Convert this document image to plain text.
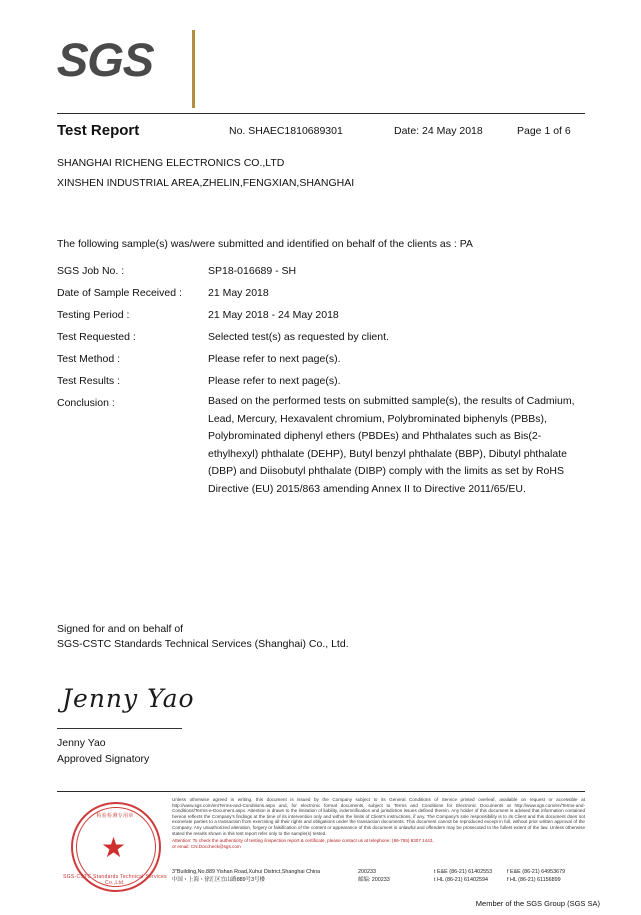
SGS
Test Report	No. SHAEC1810689301	Date: 24 May 2018	Page 1 of 6
SHANGHAI RICHENG ELECTRONICS CO.,LTD
XINSHEN INDUSTRIAL AREA,ZHELIN,FENGXIAN,SHANGHAI
The following sample(s) was/were submitted and identified on behalf of the clients as : PA
SGS Job No. :	SP18-016689 - SH
Date of Sample Received :	21 May 2018
Testing Period :	21 May 2018 - 24 May 2018
Test Requested :	Selected test(s) as requested by client.
Test Method :	Please refer to next page(s).
Test Results :	Please refer to next page(s).
Conclusion :	Based on the performed tests on submitted sample(s), the results of Cadmium, Lead, Mercury, Hexavalent chromium, Polybrominated biphenyls (PBBs), Polybrominated diphenyl ethers (PBDEs) and Phthalates such as Bis(2-ethylhexyl) phthalate (DEHP), Butyl benzyl phthalate (BBP), Dibutyl phthalate (DBP) and Diisobutyl phthalate (DIBP) comply with the limits as set by RoHS Directive (EU) 2015/863 amending Annex II to Directive 2011/65/EU.
Signed for and on behalf of
SGS-CSTC Standards Technical Services (Shanghai) Co., Ltd.
Jenny Yao
Jenny Yao
Approved Signatory
检验检测专用章
★
SGS-CSTC Standards Technical Services Co.,Ltd.
Unless otherwise agreed in writing, this document is issued by the Company subject to its General Conditions of Service printed overleaf, available on request or accessible at http://www.sgs.com/en/Terms-and-Conditions.aspx and, for electronic format documents, subject to Terms and Conditions for Electronic Documents at http://www.sgs.com/en/Terms-and-Conditions/Terms-e-Document.aspx. Attention is drawn to the limitation of liability, indemnification and jurisdiction issues defined therein. Any holder of this document is advised that information contained hereon reflects the Company's findings at the time of its intervention only and within the limits of Client's instructions, if any. The Company's sole responsibility is to its Client and this document does not exonerate parties to a transaction from exercising all their rights and obligations under the transaction documents. This document cannot be reproduced except in full, without prior written approval of the Company. Any unauthorized alteration, forgery or falsification of the content or appearance of this document is unlawful and offenders may be prosecuted to the fullest extent of the law. Unless otherwise stated the results shown in this test report refer only to the sample(s) tested.
Attention: To check the authenticity of testing /inspection report & certificate, please contact us at telephone: (86-755) 8307 1443,
or email: CN.Doccheck@sgs.com
3"Building,No.889 Yishan Road,Xuhui District,Shanghai China	200233	t E&E (86-21) 61402553	f E&E (86-21) 64953679
中国・上海・徐汇区宜山路889号3号楼	邮编: 200233	t HL (86-21) 61402594	f HL (86-21) 61156899
Member of the SGS Group (SGS SA)
